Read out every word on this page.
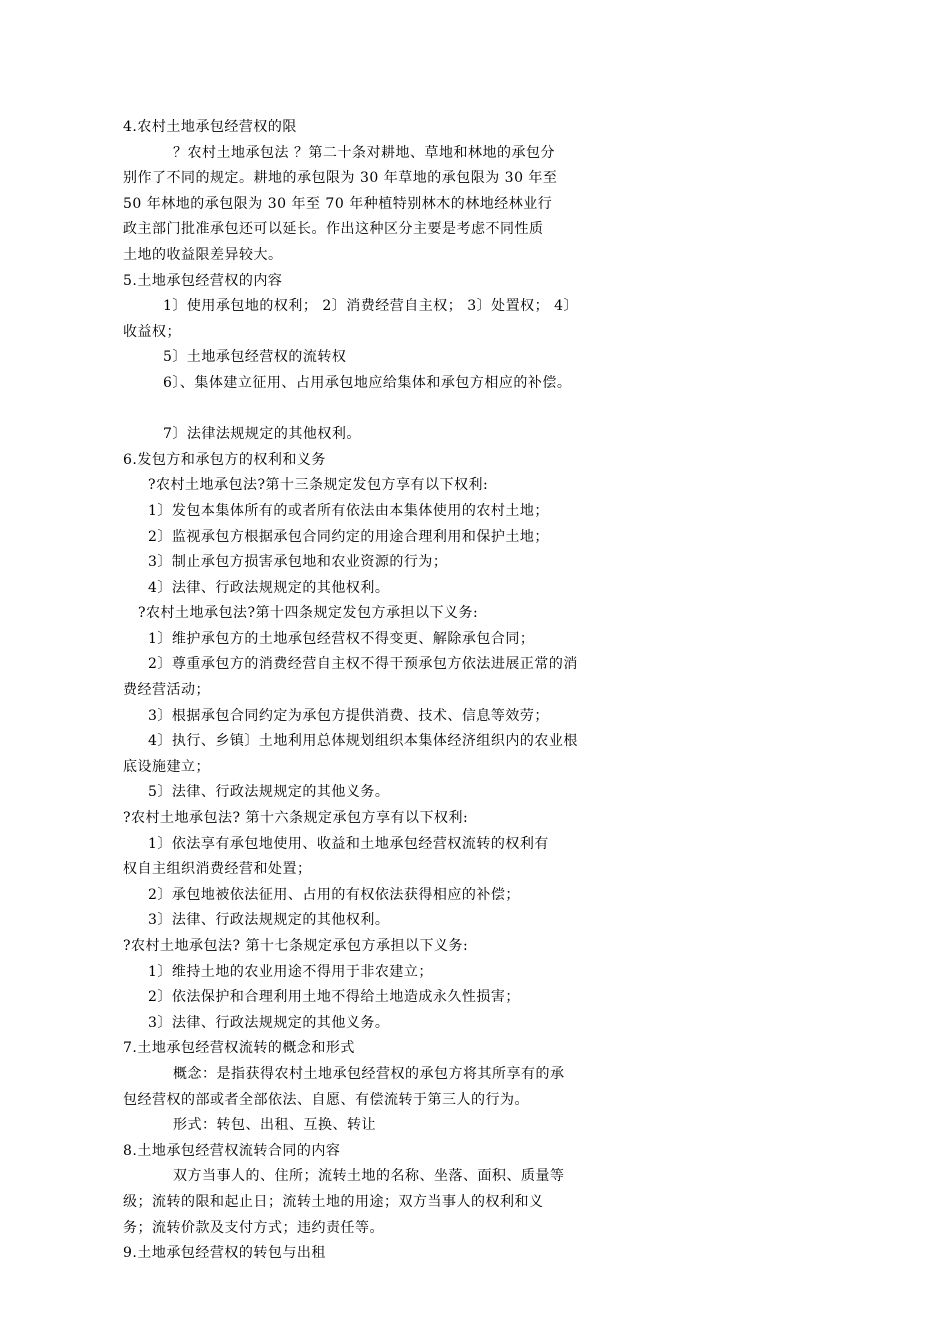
4.农村土地承包经营权的限
？农村土地承包法 ？第二十条对耕地、草地和林地的承包分
别作了不同的规定。耕地的承包限为 30 年草地的承包限为 30 年至
50 年林地的承包限为 30 年至 70 年种植特别林木的林地经林业行
政主部门批准承包还可以延长。作出这种区分主要是考虑不同性质
土地的收益限差异较大。
5.土地承包经营权的内容
1〕使用承包地的权利； 2〕消费经营自主权； 3〕处置权； 4〕
收益权；
5〕土地承包经营权的流转权
6〕、集体建立征用、占用承包地应给集体和承包方相应的补偿。
7〕法律法规规定的其他权利。
6.发包方和承包方的权利和义务
?农村土地承包法?第十三条规定发包方享有以下权利:
1〕发包本集体所有的或者所有依法由本集体使用的农村土地；
2〕监视承包方根据承包合同约定的用途合理利用和保护土地；
3〕制止承包方损害承包地和农业资源的行为；
4〕法律、行政法规规定的其他权利。
?农村土地承包法?第十四条规定发包方承担以下义务:
1〕维护承包方的土地承包经营权不得变更、解除承包合同；
2〕尊重承包方的消费经营自主权不得干预承包方依法进展正常的消
费经营活动；
3〕根据承包合同约定为承包方提供消费、技术、信息等效劳；
4〕执行、乡镇〕土地利用总体规划组织本集体经济组织内的农业根
底设施建立；
5〕法律、行政法规规定的其他义务。
?农村土地承包法? 第十六条规定承包方享有以下权利:
1〕依法享有承包地使用、收益和土地承包经营权流转的权利有
权自主组织消费经营和处置；
2〕承包地被依法征用、占用的有权依法获得相应的补偿；
3〕法律、行政法规规定的其他权利。
?农村土地承包法? 第十七条规定承包方承担以下义务:
1〕维持土地的农业用途不得用于非农建立；
2〕依法保护和合理利用土地不得给土地造成永久性损害；
3〕法律、行政法规规定的其他义务。
7.土地承包经营权流转的概念和形式
概念：是指获得农村土地承包经营权的承包方将其所享有的承
包经营权的部或者全部依法、自愿、有偿流转于第三人的行为。
形式：转包、出租、互换、转让
8.土地承包经营权流转合同的内容
双方当事人的、住所；流转土地的名称、坐落、面积、质量等
级；流转的限和起止日；流转土地的用途；双方当事人的权利和义
务；流转价款及支付方式；违约责任等。
9.土地承包经营权的转包与出租
